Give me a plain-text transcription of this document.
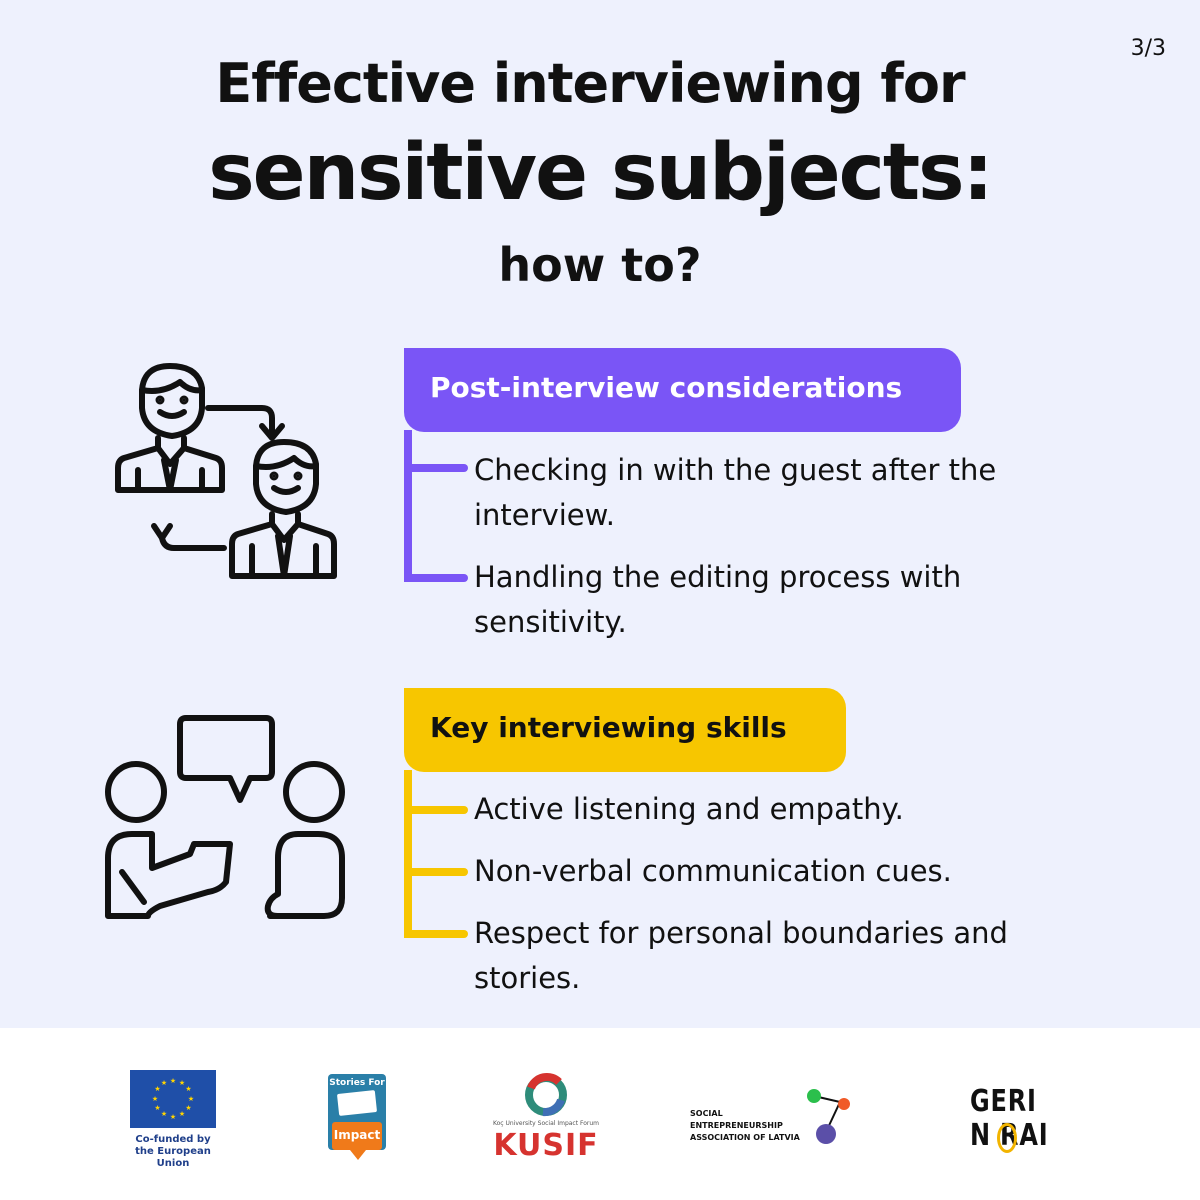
3/3
Effective interviewing for
sensitive subjects:
how to?
Post-interview considerations
Checking in with the guest after the interview.
Handling the editing process with sensitivity.
Key interviewing skills
Active listening and empathy.
Non-verbal communication cues.
Respect for personal boundaries and stories.
★ ★
★
★
★
★
★
★
★
★
★
★
Co-funded by
the European Union
Stories For
Impact
Koç University Social Impact Forum
KUSIF
SOCIAL
ENTREPRENEURSHIP
ASSOCIATION OF LATVIA
GERI
N RAI
